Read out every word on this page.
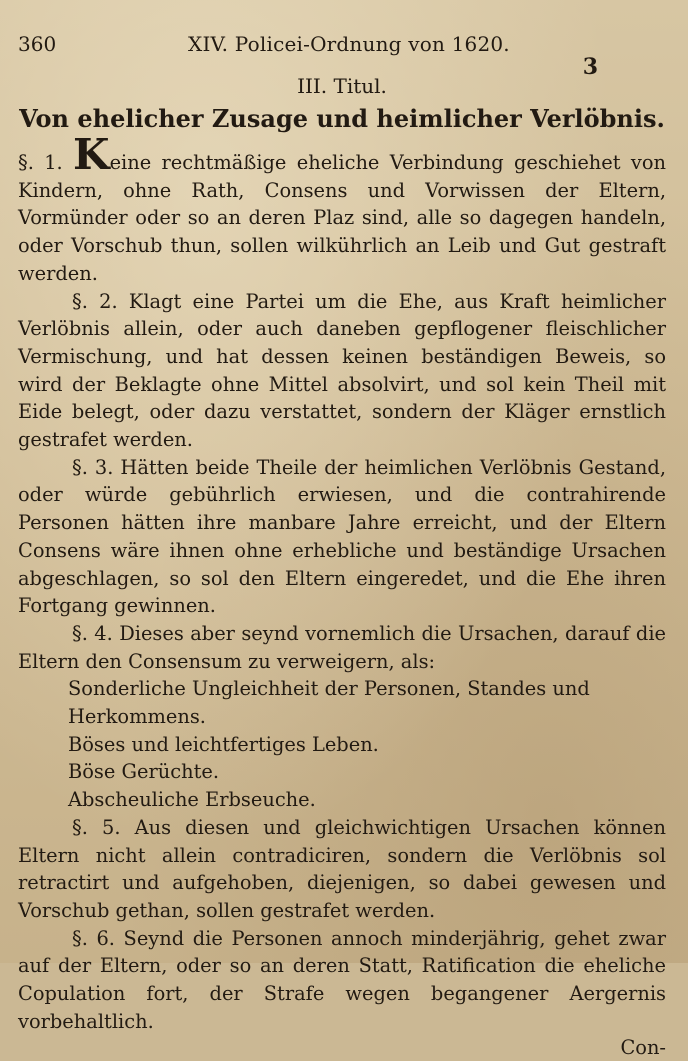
360	XIV. Policei-Ordnung von 1620.
3
III. Titul.
Von ehelicher Zusage und heimlicher Verlöbnis.

§. 1. Keine rechtmäßige eheliche Verbindung geschiehet von Kindern, ohne Rath, Consens und Vorwissen der Eltern, Vormünder oder so an deren Plaz sind, alle so dagegen handeln, oder Vorschub thun, sollen wilkührlich an Leib und Gut gestraft werden.

§. 2. Klagt eine Partei um die Ehe, aus Kraft heimlicher Verlöbnis allein, oder auch daneben gepflogener fleischlicher Vermischung, und hat dessen keinen beständigen Beweis, so wird der Beklagte ohne Mittel absolvirt, und sol kein Theil mit Eide belegt, oder dazu verstattet, sondern der Kläger ernstlich gestrafet werden.

§. 3. Hätten beide Theile der heimlichen Verlöbnis Gestand, oder würde gebührlich erwiesen, und die contrahirende Personen hätten ihre manbare Jahre erreicht, und der Eltern Consens wäre ihnen ohne erhebliche und beständige Ursachen abgeschlagen, so sol den Eltern eingeredet, und die Ehe ihren Fortgang gewinnen.

§. 4. Dieses aber seynd vornemlich die Ursachen, darauf die Eltern den Consensum zu verweigern, als:

Sonderliche Ungleichheit der Personen, Standes und Herkommens.

Böses und leichtfertiges Leben.

Böse Gerüchte.

Abscheuliche Erbseuche.

§. 5. Aus diesen und gleichwichtigen Ursachen können Eltern nicht allein contradiciren, sondern die Verlöbnis sol retractirt und aufgehoben, diejenigen, so dabei gewesen und Vorschub gethan, sollen gestrafet werden.

§. 6. Seynd die Personen annoch minderjährig, gehet zwar auf der Eltern, oder so an deren Statt, Ratification die eheliche Copulation fort, der Strafe wegen begangener Aergernis vorbehaltlich.

Con-
